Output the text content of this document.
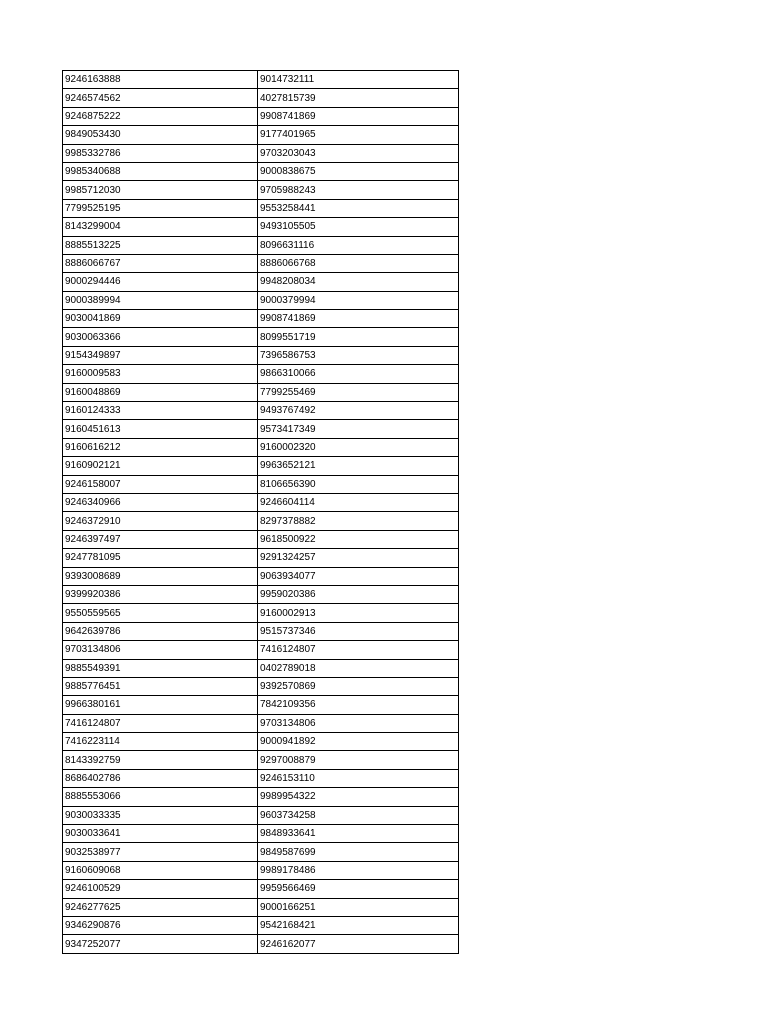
9246163888	9014732111
9246574562	4027815739
9246875222	9908741869
9849053430	9177401965
9985332786	9703203043
9985340688	9000838675
9985712030	9705988243
7799525195	9553258441
8143299004	9493105505
8885513225	8096631116
8886066767	8886066768
9000294446	9948208034
9000389994	9000379994
9030041869	9908741869
9030063366	8099551719
9154349897	7396586753
9160009583	9866310066
9160048869	7799255469
9160124333	9493767492
9160451613	9573417349
9160616212	9160002320
9160902121	9963652121
9246158007	8106656390
9246340966	9246604114
9246372910	8297378882
9246397497	9618500922
9247781095	9291324257
9393008689	9063934077
9399920386	9959020386
9550559565	9160002913
9642639786	9515737346
9703134806	7416124807
9885549391	0402789018
9885776451	9392570869
9966380161	7842109356
7416124807	9703134806
7416223114	9000941892
8143392759	9297008879
8686402786	9246153110
8885553066	9989954322
9030033335	9603734258
9030033641	9848933641
9032538977	9849587699
9160609068	9989178486
9246100529	9959566469
9246277625	9000166251
9346290876	9542168421
9347252077	9246162077
